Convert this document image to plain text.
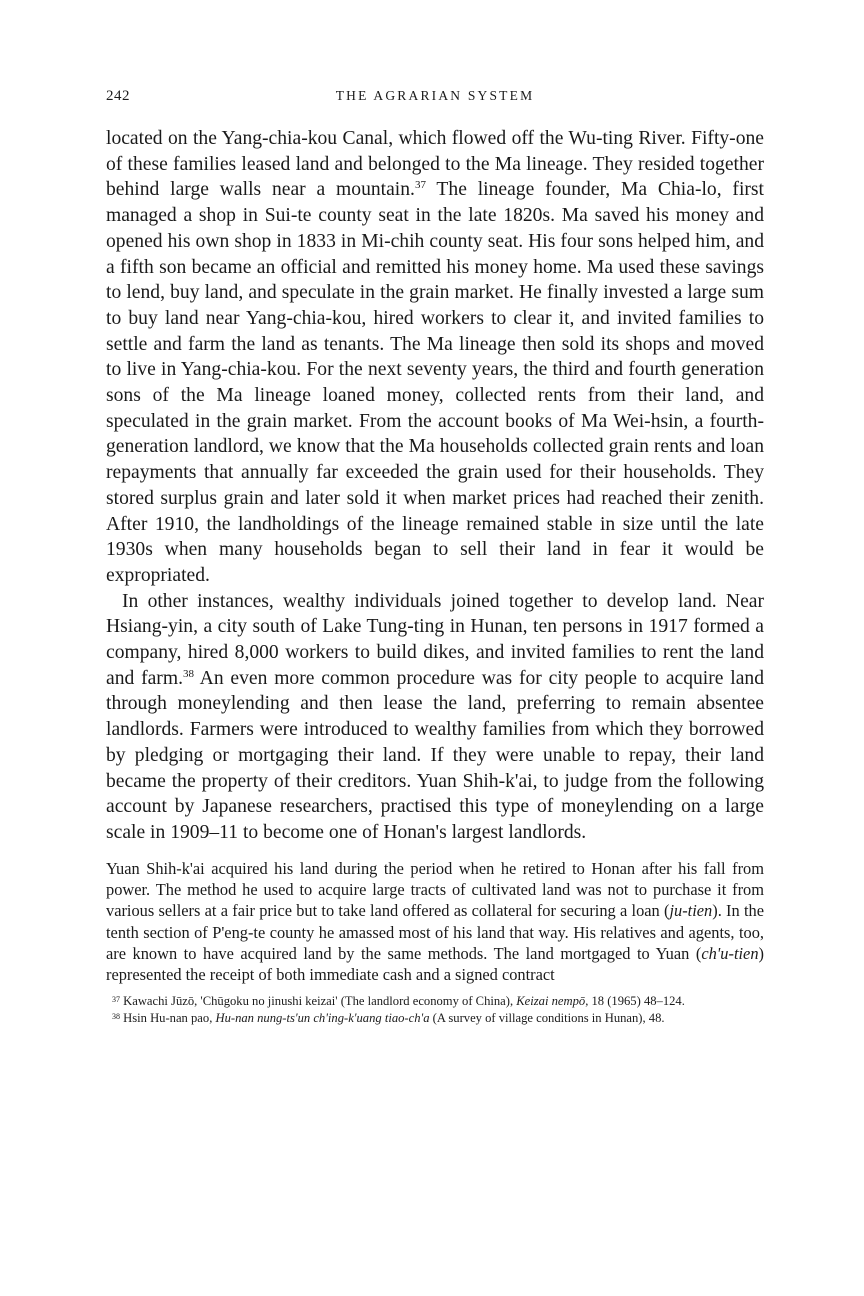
242	THE AGRARIAN SYSTEM

located on the Yang-chia-kou Canal, which flowed off the Wu-ting River. Fifty-one of these families leased land and belonged to the Ma lineage. They resided together behind large walls near a mountain.$^{37}$ The lineage founder, Ma Chia-lo, first managed a shop in Sui-te county seat in the late 1820s. Ma saved his money and opened his own shop in 1833 in Mi-chih county seat. His four sons helped him, and a fifth son became an official and remitted his money home. Ma used these savings to lend, buy land, and speculate in the grain market. He finally invested a large sum to buy land near Yang-chia-kou, hired workers to clear it, and invited families to settle and farm the land as tenants. The Ma lineage then sold its shops and moved to live in Yang-chia-kou. For the next seventy years, the third and fourth generation sons of the Ma lineage loaned money, collected rents from their land, and speculated in the grain market. From the account books of Ma Wei-hsin, a fourth-generation landlord, we know that the Ma households collected grain rents and loan repayments that annually far exceeded the grain used for their households. They stored surplus grain and later sold it when market prices had reached their zenith. After 1910, the landholdings of the lineage remained stable in size until the late 1930s when many households began to sell their land in fear it would be expropriated.

In other instances, wealthy individuals joined together to develop land. Near Hsiang-yin, a city south of Lake Tung-ting in Hunan, ten persons in 1917 formed a company, hired 8,000 workers to build dikes, and invited families to rent the land and farm.$^{38}$ An even more common procedure was for city people to acquire land through moneylending and then lease the land, preferring to remain absentee landlords. Farmers were introduced to wealthy families from which they borrowed by pledging or mortgaging their land. If they were unable to repay, their land became the property of their creditors. Yuan Shih-k'ai, to judge from the following account by Japanese researchers, practised this type of moneylending on a large scale in 1909–11 to become one of Honan's largest landlords.

Yuan Shih-k'ai acquired his land during the period when he retired to Honan after his fall from power. The method he used to acquire large tracts of cultivated land was not to purchase it from various sellers at a fair price but to take land offered as collateral for securing a loan (ju-tien). In the tenth section of P'eng-te county he amassed most of his land that way. His relatives and agents, too, are known to have acquired land by the same methods. The land mortgaged to Yuan (ch'u-tien) represented the receipt of both immediate cash and a signed contract

$^{37}$ Kawachi Jūzō, 'Chūgoku no jinushi keizai' (The landlord economy of China), Keizai nempō, 18 (1965) 48–124.

$^{38}$ Hsin Hu-nan pao, Hu-nan nung-ts'un ch'ing-k'uang tiao-ch'a (A survey of village conditions in Hunan), 48.
